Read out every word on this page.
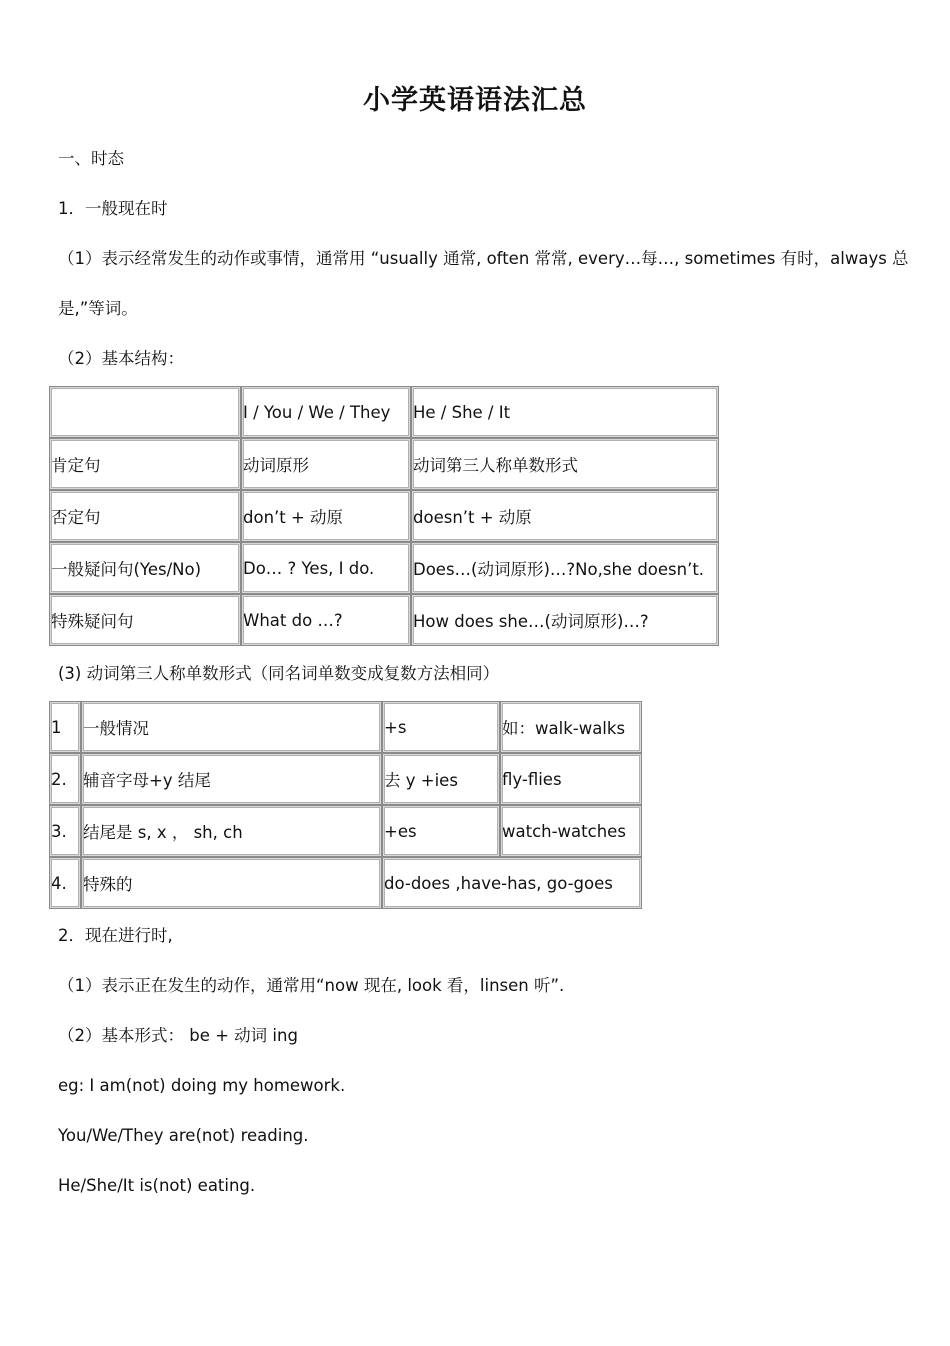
小学英语语法汇总
一、时态
1．一般现在时
（1）表示经常发生的动作或事情，通常用 “usually 通常, often 常常, every…每…, sometimes 有时，always 总
是,”等词。
（2）基本结构：
	I / You / We / They	He / She / It
肯定句	动词原形	动词第三人称单数形式
否定句	don’t + 动原	doesn’t + 动原
一般疑问句(Yes/No)	Do… ? Yes, I do.	Does…(动词原形)…?No,she doesn’t.
特殊疑问句	What do …?	How does she…(动词原形)…?
(3) 动词第三人称单数形式（同名词单数变成复数方法相同）
1	一般情况	+s	如：walk-walks
2.	辅音字母+y 结尾	去 y +ies	fly-flies
3.	结尾是 s, x ， sh, ch	+es	watch-watches
4.	特殊的	do-does ,have-has, go-goes	
2．现在进行时,
（1）表示正在发生的动作，通常用“now 现在, look 看，linsen 听”.
（2）基本形式： be + 动词 ing
eg: I am(not) doing my homework.
You/We/They are(not) reading.
He/She/It is(not) eating.
